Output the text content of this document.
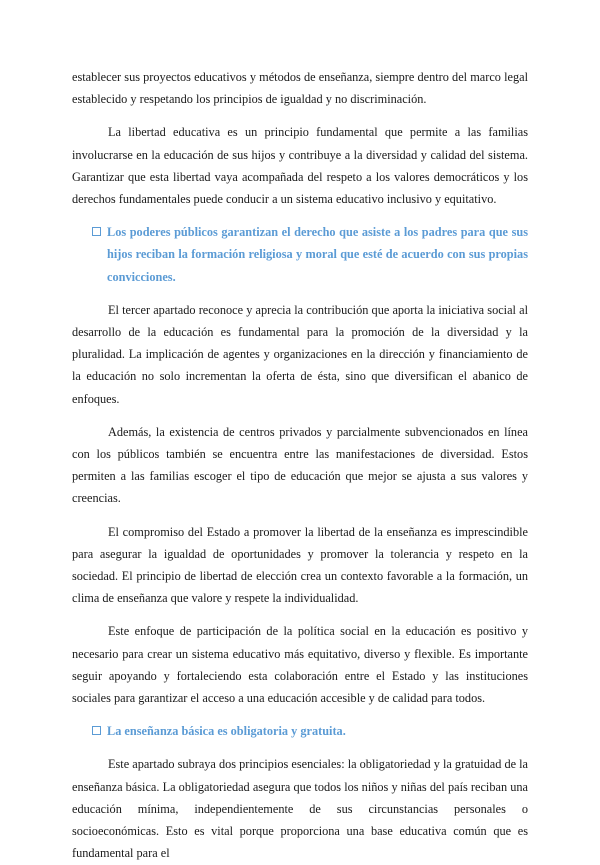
establecer sus proyectos educativos y métodos de enseñanza, siempre dentro del marco legal establecido y respetando los principios de igualdad y no discriminación.

La libertad educativa es un principio fundamental que permite a las familias involucrarse en la educación de sus hijos y contribuye a la diversidad y calidad del sistema. Garantizar que esta libertad vaya acompañada del respeto a los valores democráticos y los derechos fundamentales puede conducir a un sistema educativo inclusivo y equitativo.

Los poderes públicos garantizan el derecho que asiste a los padres para que sus hijos reciban la formación religiosa y moral que esté de acuerdo con sus propias convicciones.

El tercer apartado reconoce y aprecia la contribución que aporta la iniciativa social al desarrollo de la educación es fundamental para la promoción de la diversidad y la pluralidad. La implicación de agentes y organizaciones en la dirección y financiamiento de la educación no solo incrementan la oferta de ésta, sino que diversifican el abanico de enfoques.

Además, la existencia de centros privados y parcialmente subvencionados en línea con los públicos también se encuentra entre las manifestaciones de diversidad. Estos permiten a las familias escoger el tipo de educación que mejor se ajusta a sus valores y creencias.

El compromiso del Estado a promover la libertad de la enseñanza es imprescindible para asegurar la igualdad de oportunidades y promover la tolerancia y respeto en la sociedad. El principio de libertad de elección crea un contexto favorable a la formación, un clima de enseñanza que valore y respete la individualidad.

Este enfoque de participación de la política social en la educación es positivo y necesario para crear un sistema educativo más equitativo, diverso y flexible. Es importante seguir apoyando y fortaleciendo esta colaboración entre el Estado y las instituciones sociales para garantizar el acceso a una educación accesible y de calidad para todos.

La enseñanza básica es obligatoria y gratuita.

Este apartado subraya dos principios esenciales: la obligatoriedad y la gratuidad de la enseñanza básica. La obligatoriedad asegura que todos los niños y niñas del país reciban una educación mínima, independientemente de sus circunstancias personales o socioeconómicas. Esto es vital porque proporciona una base educativa común que es fundamental para el
